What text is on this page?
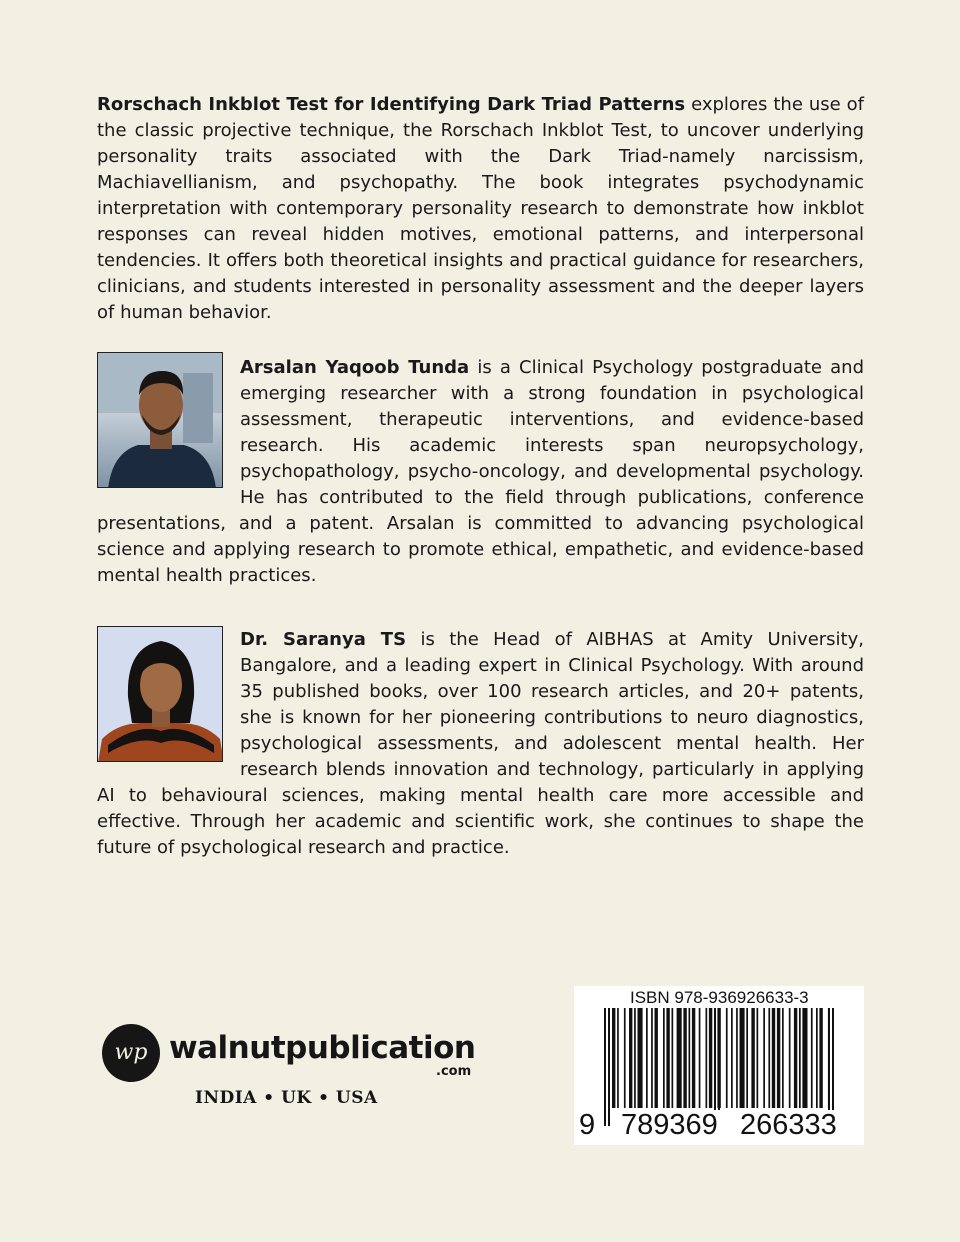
Rorschach Inkblot Test for Identifying Dark Triad Patterns explores the use of the classic projective technique, the Rorschach Inkblot Test, to uncover underlying personality traits associated with the Dark Triad-namely narcissism, Machiavellianism, and psychopathy. The book integrates psychodynamic interpretation with contemporary personality research to demonstrate how inkblot responses can reveal hidden motives, emotional patterns, and interpersonal tendencies. It offers both theoretical insights and practical guidance for researchers, clinicians, and students interested in personality assessment and the deeper layers of human behavior.

Arsalan Yaqoob Tunda is a Clinical Psychology postgraduate and emerging researcher with a strong foundation in psychological assessment, therapeutic interventions, and evidence-based research. His academic interests span neuropsychology, psychopathology, psycho-oncology, and developmental psychology. He has contributed to the field through publications, conference presentations, and a patent. Arsalan is committed to advancing psychological science and applying research to promote ethical, empathetic, and evidence-based mental health practices.

Dr. Saranya TS is the Head of AIBHAS at Amity University, Bangalore, and a leading expert in Clinical Psychology. With around 35 published books, over 100 research articles, and 20+ patents, she is known for her pioneering contributions to neuro diagnostics, psychological assessments, and adolescent mental health. Her research blends innovation and technology, particularly in applying AI to behavioural sciences, making mental health care more accessible and effective. Through her academic and scientific work, she continues to shape the future of psychological research and practice.

wp walnutpublication
.com
INDIA • UK • USA
ISBN 978-936926633-3
9 789369 266333
